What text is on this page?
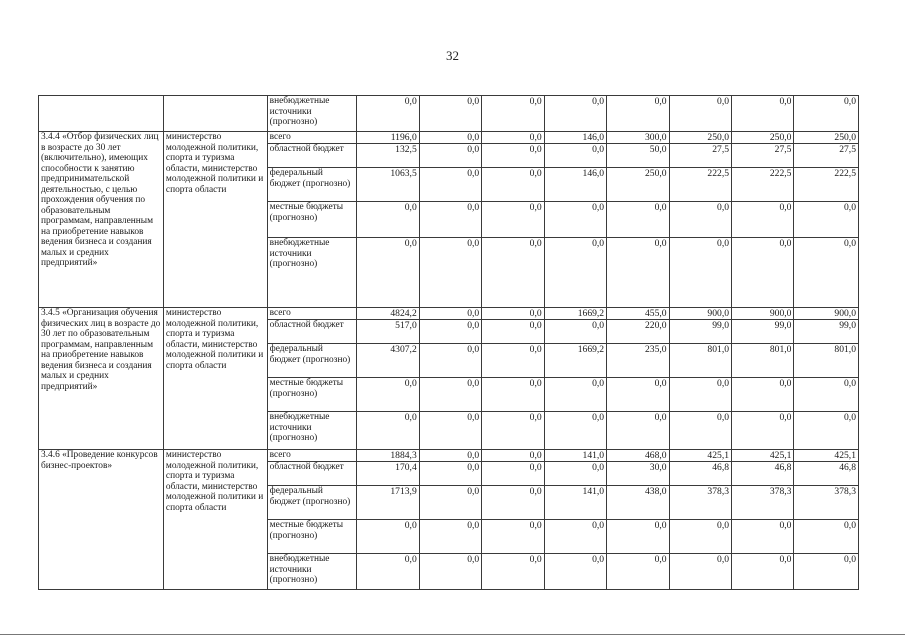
32
		внебюджетные источники (прогнозно)	0,0	0,0	0,0	0,0	0,0	0,0	0,0	0,0
3.4.4 «Отбор физических лиц в возрасте до 30 лет (включительно), имеющих способности к занятию предпринимательской деятельностью, с целью прохождения обучения по образовательным программам, направленным на приобретение навыков ведения бизнеса и создания малых и средних предприятий»	министерство молодежной политики, спорта и туризма области, министерство молодежной политики и спорта области	всего	1196,0	0,0	0,0	146,0	300,0	250,0	250,0	250,0
		областной бюджет	132,5	0,0	0,0	0,0	50,0	27,5	27,5	27,5
		федеральный бюджет (прогнозно)	1063,5	0,0	0,0	146,0	250,0	222,5	222,5	222,5
		местные бюджеты (прогнозно)	0,0	0,0	0,0	0,0	0,0	0,0	0,0	0,0
		внебюджетные источники (прогнозно)	0,0	0,0	0,0	0,0	0,0	0,0	0,0	0,0
3.4.5 «Организация обучения физических лиц в возрасте до 30 лет по образовательным программам, направленным на приобретение навыков ведения бизнеса и создания малых и средних предприятий»	министерство молодежной политики, спорта и туризма области, министерство молодежной политики и спорта области	всего	4824,2	0,0	0,0	1669,2	455,0	900,0	900,0	900,0
		областной бюджет	517,0	0,0	0,0	0,0	220,0	99,0	99,0	99,0
		федеральный бюджет (прогнозно)	4307,2	0,0	0,0	1669,2	235,0	801,0	801,0	801,0
		местные бюджеты (прогнозно)	0,0	0,0	0,0	0,0	0,0	0,0	0,0	0,0
		внебюджетные источники (прогнозно)	0,0	0,0	0,0	0,0	0,0	0,0	0,0	0,0
3.4.6 «Проведение конкурсов бизнес-проектов»	министерство молодежной политики, спорта и туризма области, министерство молодежной политики и спорта области	всего	1884,3	0,0	0,0	141,0	468,0	425,1	425,1	425,1
		областной бюджет	170,4	0,0	0,0	0,0	30,0	46,8	46,8	46,8
		федеральный бюджет (прогнозно)	1713,9	0,0	0,0	141,0	438,0	378,3	378,3	378,3
		местные бюджеты (прогнозно)	0,0	0,0	0,0	0,0	0,0	0,0	0,0	0,0
		внебюджетные источники (прогнозно)	0,0	0,0	0,0	0,0	0,0	0,0	0,0	0,0
